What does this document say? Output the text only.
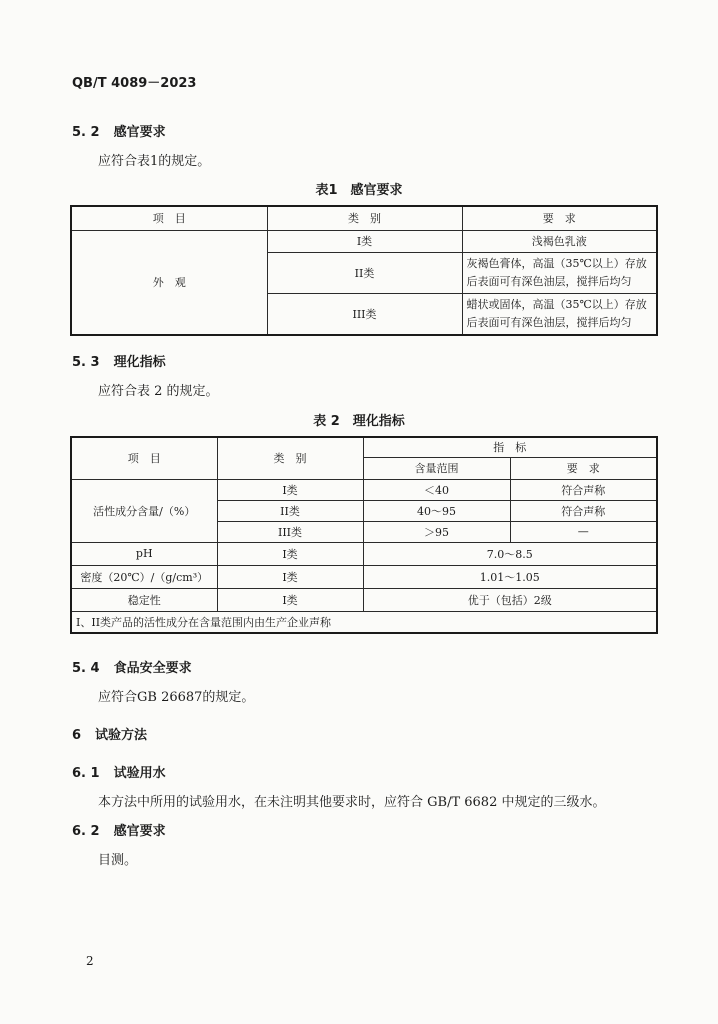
QB/T 4089－2023
5. 2 感官要求
应符合表1的规定。
表1　感官要求
项　目	类　别	要　求
外　观	I类	浅褐色乳液
	II类	灰褐色膏体，高温（35℃以上）存放后表面可有深色油层，搅拌后均匀
	III类	蜡状或固体，高温（35℃以上）存放后表面可有深色油层，搅拌后均匀
5. 3 理化指标
应符合表 2 的规定。
表 2　理化指标
项　目	类　别	指　标	
		含量范围	要　求
活性成分含量/（%）	I类	＜40	符合声称
	II类	40～95	符合声称
	III类	＞95	—
pH	I类	7.0～8.5	
密度（20℃）/（g/cm³）	I类	1.01～1.05	
稳定性	I类	优于（包括）2级	
I、II类产品的活性成分在含量范围内由生产企业声称			
5. 4 食品安全要求
应符合GB 26687的规定。
6 试验方法
6. 1 试验用水
本方法中所用的试验用水，在未注明其他要求时，应符合 GB/T 6682 中规定的三级水。
6. 2 感官要求
目测。
2
